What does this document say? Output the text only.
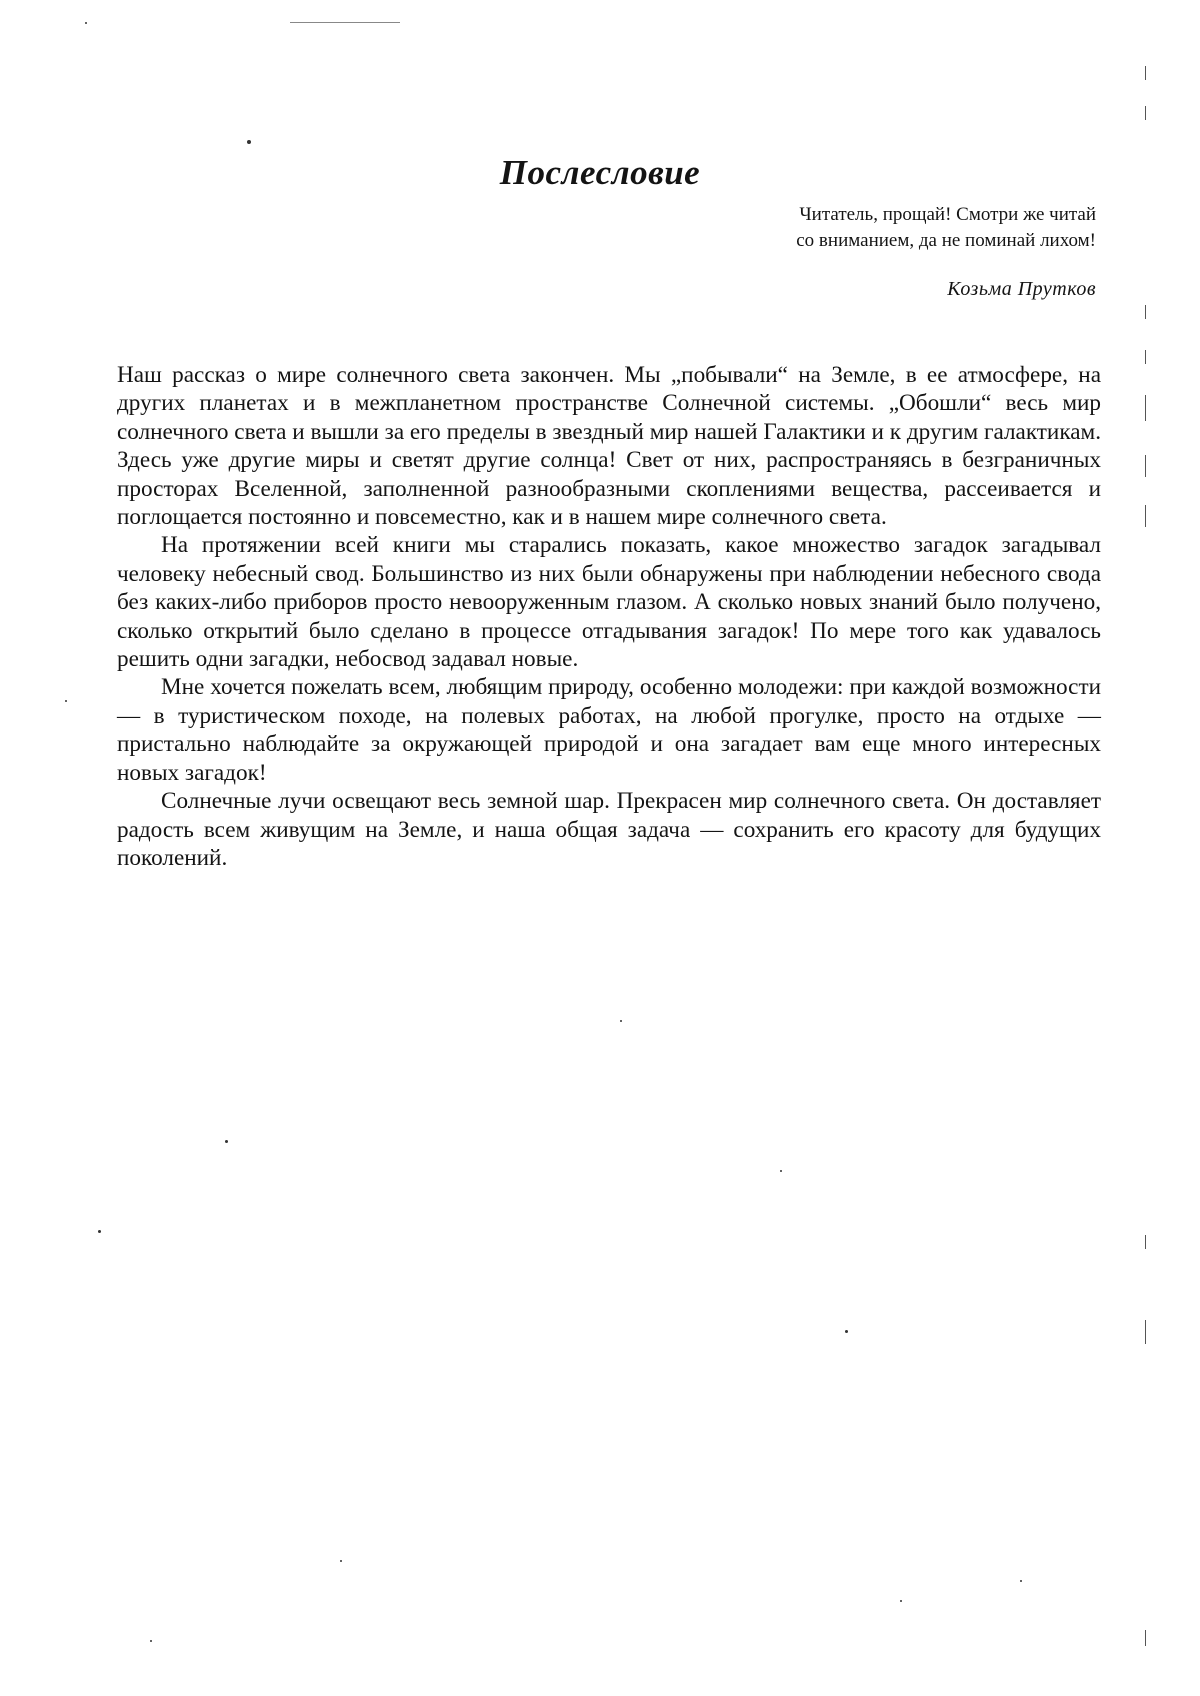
Послесловие
Читатель, прощай! Смотри же читай
со вниманием, да не поминай лихом!
Козьма Прутков

Наш рассказ о мире солнечного света закончен. Мы „побывали“ на Земле, в ее атмосфере, на других планетах и в межпланетном пространстве Солнечной системы. „Обошли“ весь мир солнечного света и вышли за его пределы в звездный мир нашей Галактики и к другим галактикам. Здесь уже другие миры и светят другие солнца! Свет от них, распространяясь в безграничных просторах Вселенной, заполненной разнообразными скоплениями вещества, рассеивается и поглощается постоянно и повсеместно, как и в нашем мире солнечного света.

На протяжении всей книги мы старались показать, какое множество загадок загадывал человеку небесный свод. Большинство из них были обнаружены при наблюдении небесного свода без каких-либо приборов просто невооруженным глазом. А сколько новых знаний было получено, сколько открытий было сделано в процессе отгадывания загадок! По мере того как удавалось решить одни загадки, небосвод задавал новые.

Мне хочется пожелать всем, любящим природу, особенно молодежи: при каждой возможности — в туристическом походе, на полевых работах, на любой прогулке, просто на отдыхе — пристально наблюдайте за окружающей природой и она загадает вам еще много интересных новых загадок!

Солнечные лучи освещают весь земной шар. Прекрасен мир солнечного света. Он доставляет радость всем живущим на Земле, и наша общая задача — сохранить его красоту для будущих поколений.
